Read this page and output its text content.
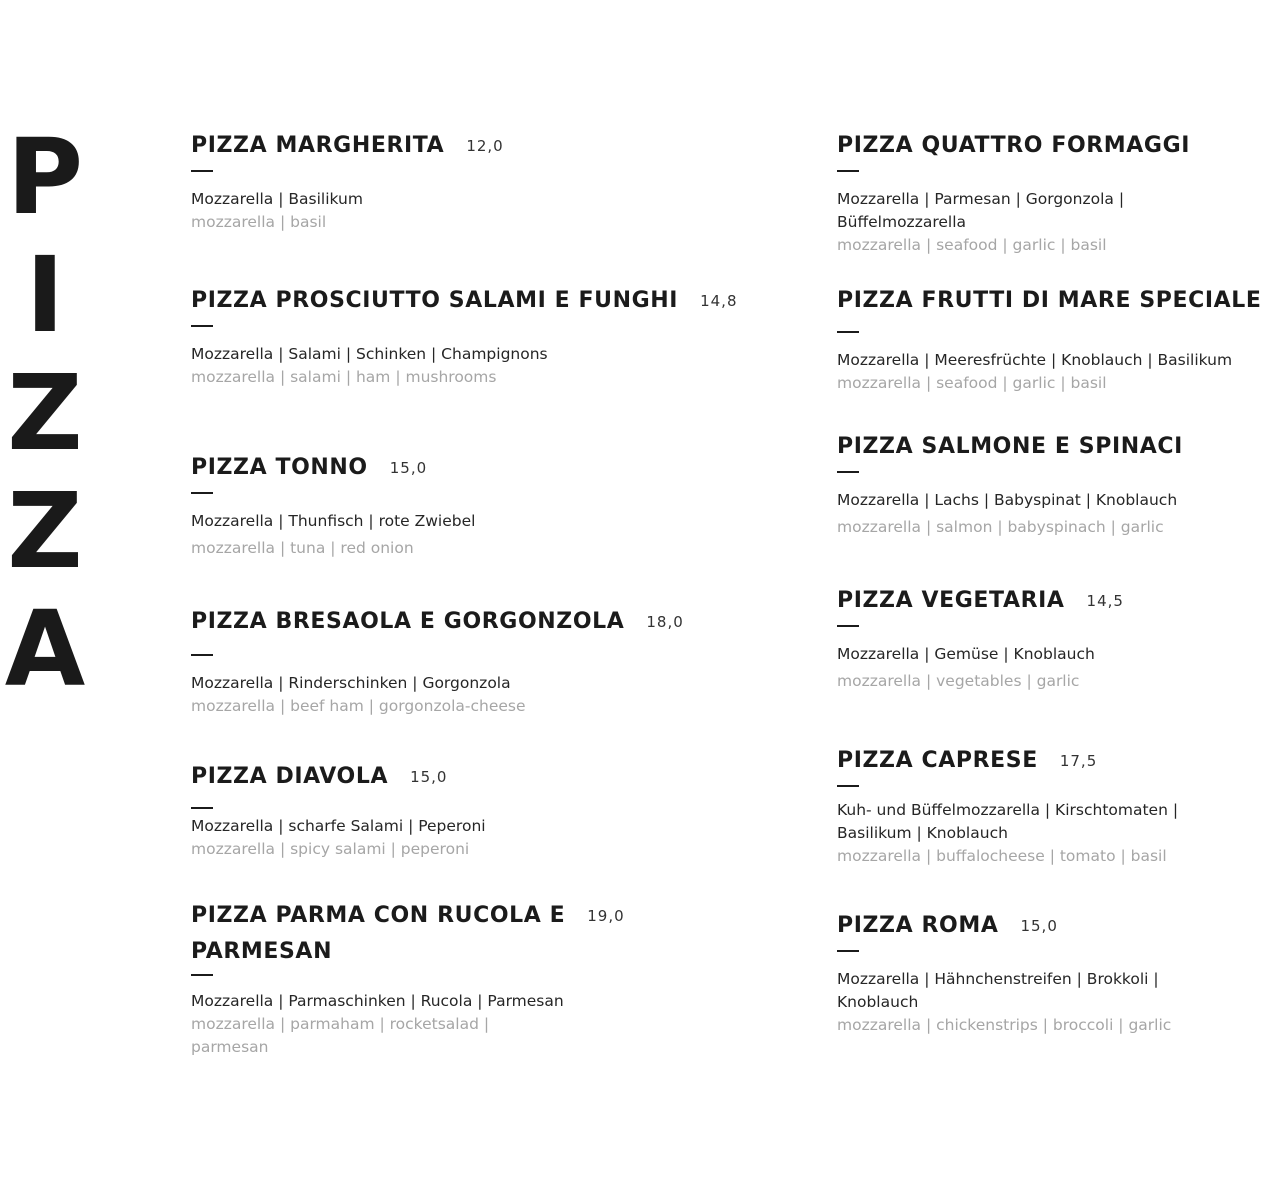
P
I
Z
Z
A
PIZZA MARGHERITA 12,0
Mozzarella | Basilikum
mozzarella | basil
PIZZA PROSCIUTTO SALAMI E FUNGHI 14,8
Mozzarella | Salami | Schinken | Champignons
mozzarella | salami | ham | mushrooms
PIZZA TONNO 15,0
Mozzarella | Thunfisch | rote Zwiebel
mozzarella | tuna | red onion
PIZZA BRESAOLA E GORGONZOLA 18,0
Mozzarella | Rinderschinken | Gorgonzola
mozzarella | beef ham | gorgonzola-cheese
PIZZA DIAVOLA 15,0
Mozzarella | scharfe Salami | Peperoni
mozzarella | spicy salami | peperoni
PIZZA PARMA CON RUCOLA E
PARMESAN
19,0
Mozzarella | Parmaschinken | Rucola | Parmesan
mozzarella | parmaham | rocketsalad |
parmesan
PIZZA QUATTRO FORMAGGI
Mozzarella | Parmesan | Gorgonzola |
Büffelmozzarella
mozzarella | seafood | garlic | basil
PIZZA FRUTTI DI MARE SPECIALE
Mozzarella | Meeresfrüchte | Knoblauch | Basilikum
mozzarella | seafood | garlic | basil
PIZZA SALMONE E SPINACI
Mozzarella | Lachs | Babyspinat | Knoblauch
mozzarella | salmon | babyspinach | garlic
PIZZA VEGETARIA 14,5
Mozzarella | Gemüse | Knoblauch
mozzarella | vegetables | garlic
PIZZA CAPRESE 17,5
Kuh- und Büffelmozzarella | Kirschtomaten |
Basilikum | Knoblauch
mozzarella | buffalocheese | tomato | basil
PIZZA ROMA 15,0
Mozzarella | Hähnchenstreifen | Brokkoli |
Knoblauch
mozzarella | chickenstrips | broccoli | garlic
